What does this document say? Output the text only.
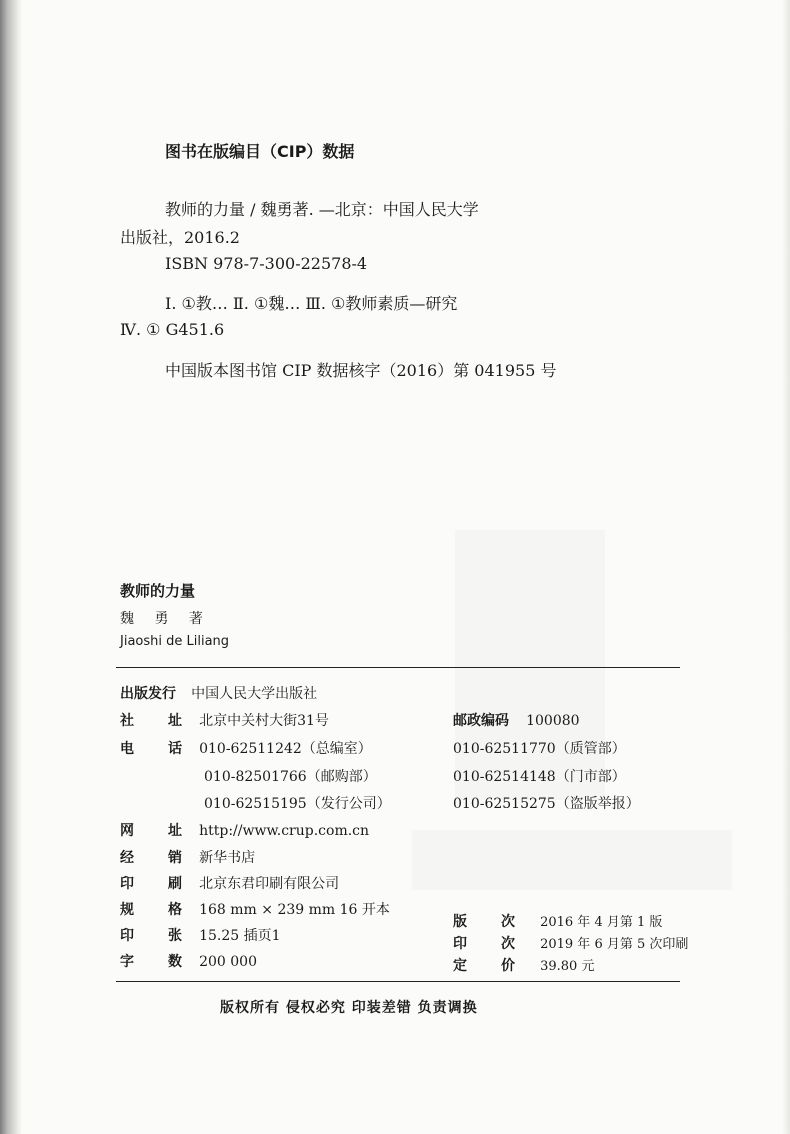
图书在版编目（CIP）数据
教师的力量 / 魏勇著. —北京：中国人民大学
出版社，2016.2
ISBN 978-7-300-22578-4
Ⅰ. ①教… Ⅱ. ①魏… Ⅲ. ①教师素质—研究
Ⅳ. ① G451.6
中国版本图书馆 CIP 数据核字（2016）第 041955 号
教师的力量
魏 勇 著
Jiaoshi de Liliang
出版发行 中国人民大学出版社
社 址 北京中关村大街31号	邮政编码 100080
电 话 010-62511242（总编室）
010-82501766（邮购部）
010-62515195（发行公司）
010-62511770（质管部）
010-62514148（门市部）
010-62515275（盗版举报）
网 址 http://www.crup.com.cn
经 销 新华书店
印 刷 北京东君印刷有限公司
规 格 168 mm × 239 mm 16 开本
印 张 15.25 插页1
字 数 200 000
版 次 2016 年 4 月第 1 版
印 次 2019 年 6 月第 5 次印刷
定 价 39.80 元
版权所有 侵权必究 印装差错 负责调换
